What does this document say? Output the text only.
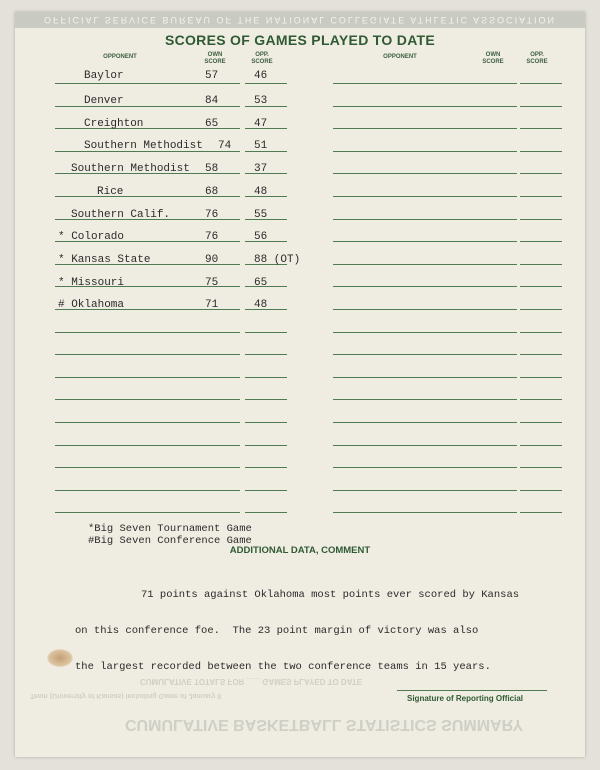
OFFICIAL SERVICE BUREAU OF THE NATIONAL COLLEGIATE ATHLETIC ASSOCIATION
CUMULATIVE BASKETBALL STATISTICS SUMMARY
CUMULATIVE TOTALS FOR ___ GAMES PLAYED TO DATE
Team (University of Kansas) Including Game of January 8
SCORES OF GAMES PLAYED TO DATE
OPPONENT	OWN SCORE
OPP. SCORE
OPPONENT	OWN SCORE
OPP. SCORE
Baylor	57	46
Denver	84	53
Creighton	65	47
Southern Methodist 74 51
Southern Methodist 58	37
Rice	68	48
Southern Calif.	76	55
* Colorado	76	56
* Kansas State	90	88 (OT)
* Missouri	75	65
# Oklahoma	71	48
*Big Seven Tournament Game
#Big Seven Conference Game
ADDITIONAL DATA, COMMENT

71 points against Oklahoma most points ever scored by Kansas

on this conference foe.  The 23 point margin of victory was also

the largest recorded between the two conference teams in 15 years.

Signature of Reporting Official
